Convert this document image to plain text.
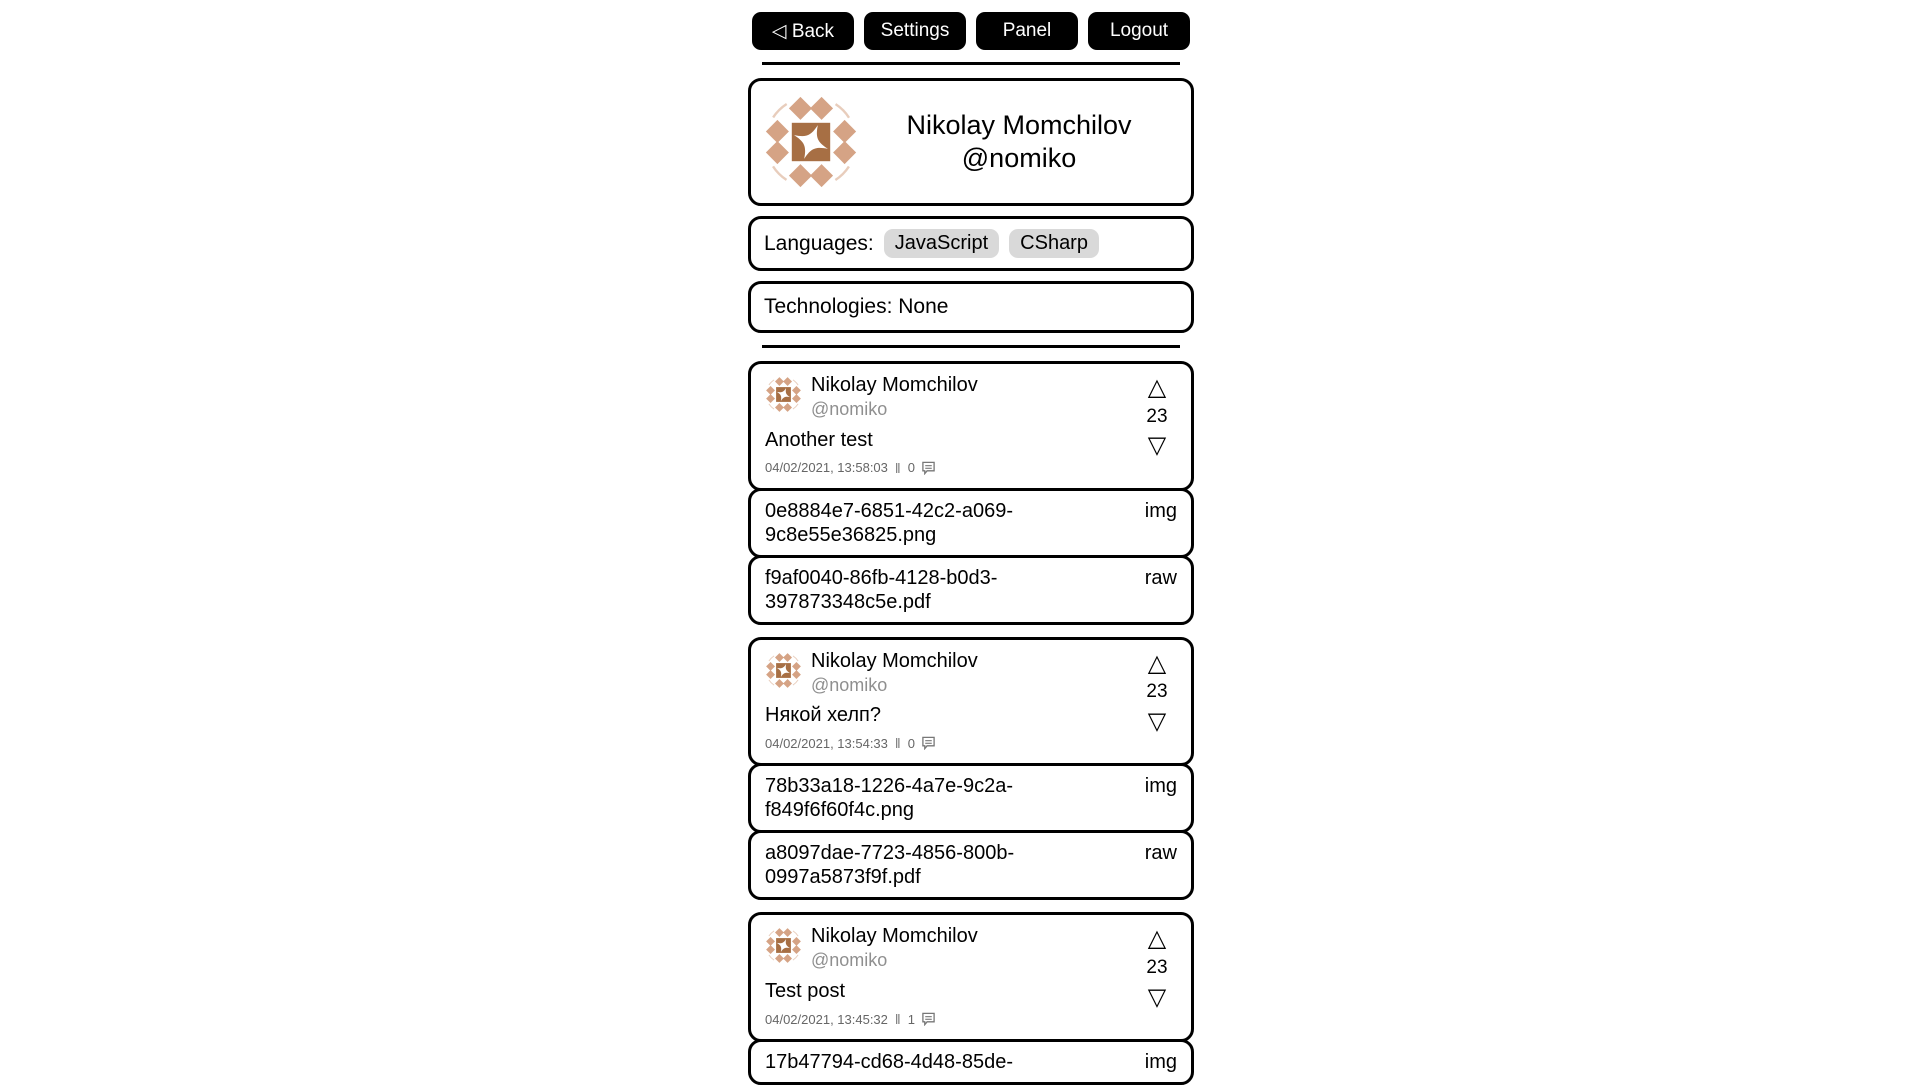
◁ Back	Settings	Panel	Logout
Nikolay Momchilov
@nomiko
Languages:	JavaScript	CSharp
Technologies: None
Nikolay Momchilov
@nomiko
Another test
04/02/2021, 13:58:03 ‖ 0
△
23
▽
0e8884e7-6851-42c2-a069-9c8e55e36825.png
img
f9af0040-86fb-4128-b0d3-397873348c5e.pdf
raw
Nikolay Momchilov
@nomiko
Някой хелп?
04/02/2021, 13:54:33 ‖ 0
△
23
▽
78b33a18-1226-4a7e-9c2a-f849f6f60f4c.png
img
a8097dae-7723-4856-800b-0997a5873f9f.pdf
raw
Nikolay Momchilov
@nomiko
Test post
04/02/2021, 13:45:32 ‖ 1
△
23
▽
17b47794-cd68-4d48-85de-	img
